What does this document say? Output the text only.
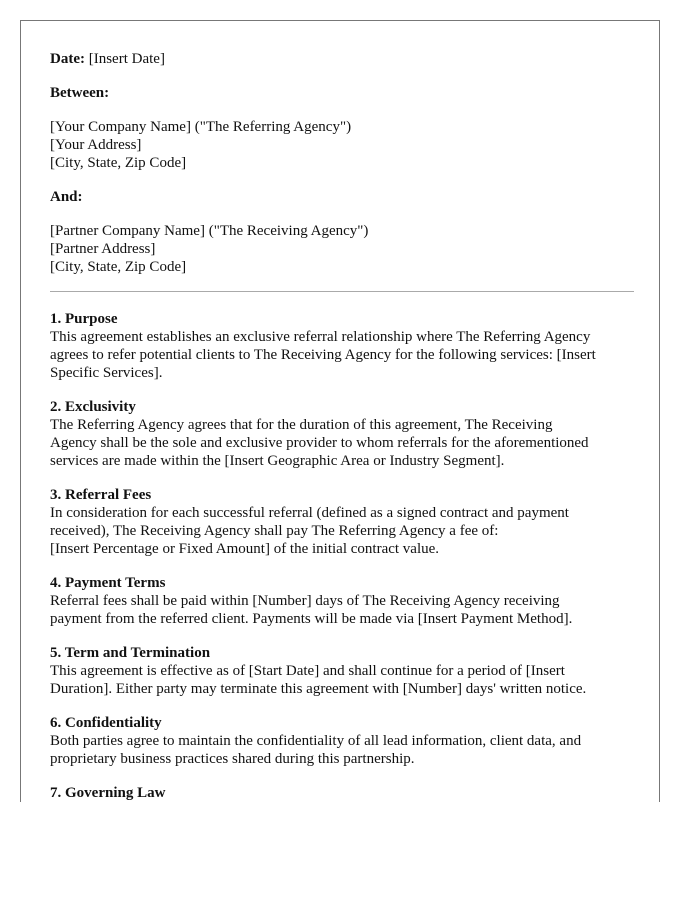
Date: [Insert Date]

Between:

[Your Company Name] ("The Referring Agency")
[Your Address]
[City, State, Zip Code]

And:

[Partner Company Name] ("The Receiving Agency")
[Partner Address]
[City, State, Zip Code]

1. Purpose
This agreement establishes an exclusive referral relationship where The Referring Agency
agrees to refer potential clients to The Receiving Agency for the following services: [Insert
Specific Services].
2. Exclusivity
The Referring Agency agrees that for the duration of this agreement, The Receiving
Agency shall be the sole and exclusive provider to whom referrals for the aforementioned
services are made within the [Insert Geographic Area or Industry Segment].
3. Referral Fees
In consideration for each successful referral (defined as a signed contract and payment
received), The Receiving Agency shall pay The Referring Agency a fee of:
[Insert Percentage or Fixed Amount] of the initial contract value.
4. Payment Terms
Referral fees shall be paid within [Number] days of The Receiving Agency receiving
payment from the referred client. Payments will be made via [Insert Payment Method].
5. Term and Termination
This agreement is effective as of [Start Date] and shall continue for a period of [Insert
Duration]. Either party may terminate this agreement with [Number] days' written notice.
6. Confidentiality
Both parties agree to maintain the confidentiality of all lead information, client data, and
proprietary business practices shared during this partnership.
7. Governing Law
